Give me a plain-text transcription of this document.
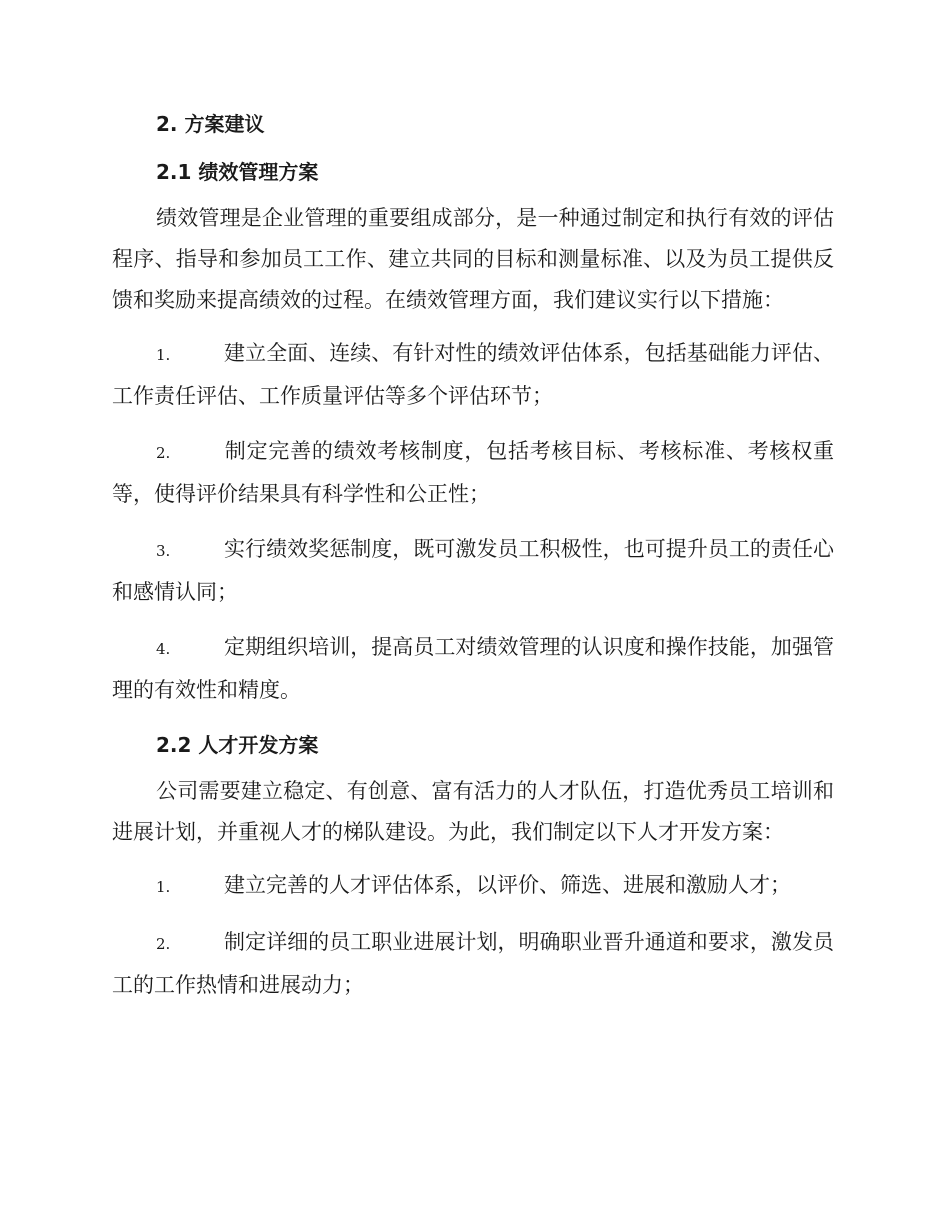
2. 方案建议
2.1 绩效管理方案

绩效管理是企业管理的重要组成部分，是一种通过制定和执行有效的评估程序、指导和参加员工工作、建立共同的目标和测量标准、以及为员工提供反馈和奖励来提高绩效的过程。在绩效管理方面，我们建议实行以下措施：

1.	建立全面、连续、有针对性的绩效评估体系，包括基础能力评估、工作责任评估、工作质量评估等多个评估环节；

2.	制定完善的绩效考核制度，包括考核目标、考核标准、考核权重等，使得评价结果具有科学性和公正性；

3.	实行绩效奖惩制度，既可激发员工积极性，也可提升员工的责任心和感情认同；

4.	定期组织培训，提高员工对绩效管理的认识度和操作技能，加强管理的有效性和精度。

2.2 人才开发方案

公司需要建立稳定、有创意、富有活力的人才队伍，打造优秀员工培训和进展计划，并重视人才的梯队建设。为此，我们制定以下人才开发方案：

1.	建立完善的人才评估体系，以评价、筛选、进展和激励人才；

2.	制定详细的员工职业进展计划，明确职业晋升通道和要求，激发员工的工作热情和进展动力；
